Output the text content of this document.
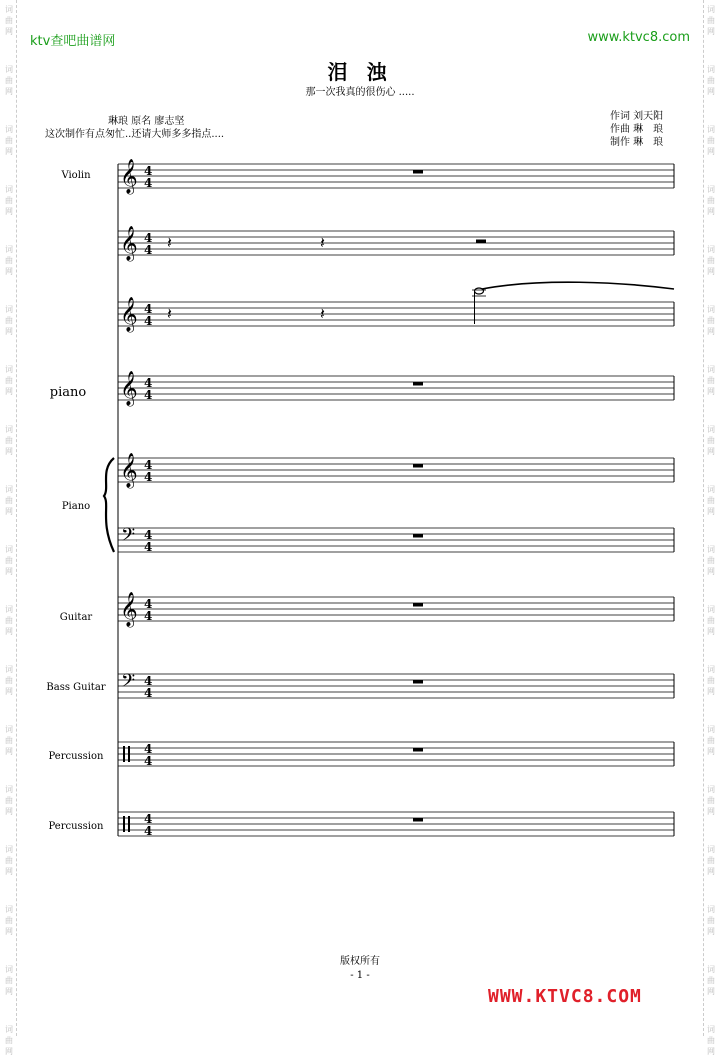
ktv查吧曲谱网	www.ktvc8.com
泪 浊
那一次我真的很伤心 .....
琳琅 原名 廖志坚
这次制作有点匆忙..还请大师多多指点....
作词 刘天阳
作曲 琳　琅
制作 琳　琅
Violin
piano
Piano
Guitar
Bass Guitar
Percussion
Percussion
𝄞 4
4
𝄞 4
4 𝄽	𝄽
𝄞 4
4 𝄽	𝄽
𝄞 4
4
𝄞 4
4
𝄢 4
4
𝄞 4
4
𝄢 4
4
4
4
4
4
版权所有
- 1 -
WWW.KTVC8.COM
词
曲
网
词
曲
网
词
曲
网
词
曲
网
词
曲
网
词
曲
网
词
曲
网
词
曲
网
词
曲
网
词
曲
网
词
曲
网
词
曲
网
词
曲
网
词
曲
网
词
曲
网
词
曲
网
词
曲
网
词
曲
网
词
曲
网
词
曲
网
词
曲
网
词
曲
网
词
曲
网
词
曲
网
词
曲
网
词
曲
网
词
曲
网
词
曲
网
词
曲
网
词
曲
网
词
曲
网
词
曲
网
词
曲
网
词
曲
网
词
曲
网
词
曲
网
